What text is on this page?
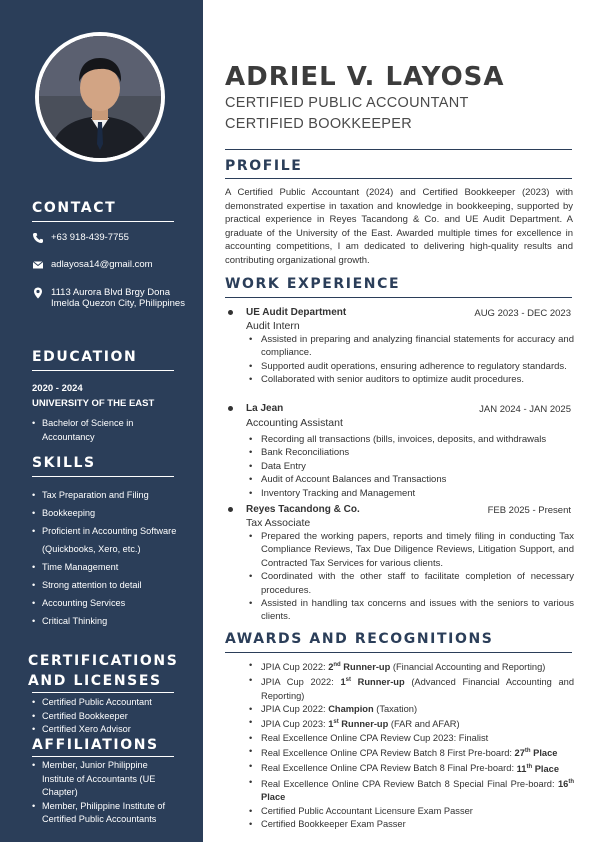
CONTACT
+63 918-439-7755
adlayosa14@gmail.com
1113 Aurora Blvd Brgy Dona Imelda Quezon City, Philippines
EDUCATION
2020 - 2024
UNIVERSITY OF THE EAST
• Bachelor of Science in Accountancy
SKILLS
• Tax Preparation and Filing
• Bookkeeping
• Proficient in Accounting Software (Quickbooks, Xero, etc.)
• Time Management
• Strong attention to detail
• Accounting Services
• Critical Thinking
CERTIFICATIONS
AND LICENSES
• Certified Public Accountant
• Certified Bookkeeper
• Certified Xero Advisor
AFFILIATIONS
• Member, Junior Philippine Institute of Accountants (UE Chapter)
• Member, Philippine Institute of Certified Public Accountants
ADRIEL V. LAYOSA
CERTIFIED PUBLIC ACCOUNTANT
CERTIFIED BOOKKEEPER
PROFILE

A Certified Public Accountant (2024) and Certified Bookkeeper (2023) with demonstrated expertise in taxation and knowledge in bookkeeping, supported by practical experience in Reyes Tacandong & Co. and UE Audit Department. A graduate of the University of the East. Awarded multiple times for excellence in accounting competitions, I am dedicated to delivering high-quality results and contributing organizational growth.

WORK EXPERIENCE
UE Audit Department	AUG 2023 - DEC 2023
Audit Intern
• Assisted in preparing and analyzing financial statements for accuracy and compliance.
• Supported audit operations, ensuring adherence to regulatory standards.
• Collaborated with senior auditors to optimize audit procedures.
La Jean	JAN 2024 - JAN 2025
Accounting Assistant
• Recording all transactions (bills, invoices, deposits, and withdrawals
• Bank Reconciliations
• Data Entry
• Audit of Account Balances and Transactions
• Inventory Tracking and Management
Reyes Tacandong & Co.	FEB 2025 - Present
Tax Associate
• Prepared the working papers, reports and timely filing in conducting Tax Compliance Reviews, Tax Due Diligence Reviews, Litigation Support, and Contracted Tax Services for various clients.
• Coordinated with the other staff to facilitate completion of necessary procedures.
• Assisted in handling tax concerns and issues with the seniors to various clients.
AWARDS AND RECOGNITIONS
• JPIA Cup 2022: 2nd Runner-up (Financial Accounting and Reporting)
• JPIA Cup 2022: 1st Runner-up (Advanced Financial Accounting and Reporting)
• JPIA Cup 2022: Champion (Taxation)
• JPIA Cup 2023: 1st Runner-up (FAR and AFAR)
• Real Excellence Online CPA Review Cup 2023: Finalist
• Real Excellence Online CPA Review Batch 8 First Pre-board: 27th Place
• Real Excellence Online CPA Review Batch 8 Final Pre-board: 11th Place
• Real Excellence Online CPA Review Batch 8 Special Final Pre-board: 16th Place
• Certified Public Accountant Licensure Exam Passer
• Certified Bookkeeper Exam Passer
